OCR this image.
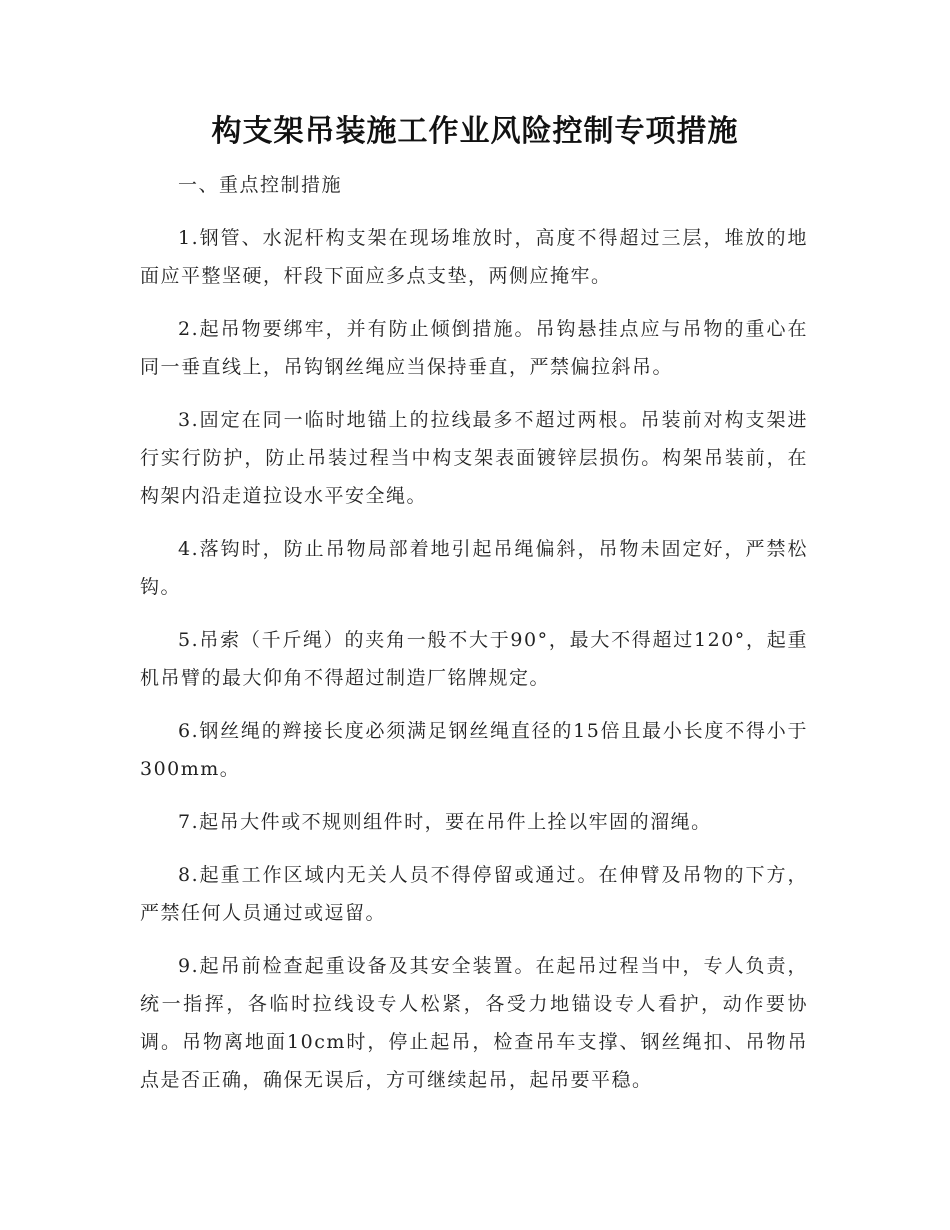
构支架吊装施工作业风险控制专项措施

一、重点控制措施

1.钢管、水泥杆构支架在现场堆放时，高度不得超过三层，堆放的地面应平整坚硬，杆段下面应多点支垫，两侧应掩牢。

2.起吊物要绑牢，并有防止倾倒措施。吊钩悬挂点应与吊物的重心在同一垂直线上，吊钩钢丝绳应当保持垂直，严禁偏拉斜吊。

3.固定在同一临时地锚上的拉线最多不超过两根。吊装前对构支架进行实行防护，防止吊装过程当中构支架表面镀锌层损伤。构架吊装前，在构架内沿走道拉设水平安全绳。

4.落钩时，防止吊物局部着地引起吊绳偏斜，吊物未固定好，严禁松钩。

5.吊索（千斤绳）的夹角一般不大于90°，最大不得超过120°，起重机吊臂的最大仰角不得超过制造厂铭牌规定。

6.钢丝绳的辫接长度必须满足钢丝绳直径的15倍且最小长度不得小于300mm。

7.起吊大件或不规则组件时，要在吊件上拴以牢固的溜绳。

8.起重工作区域内无关人员不得停留或通过。在伸臂及吊物的下方，严禁任何人员通过或逗留。

9.起吊前检查起重设备及其安全装置。在起吊过程当中，专人负责，统一指挥，各临时拉线设专人松紧，各受力地锚设专人看护，动作要协调。吊物离地面10cm时，停止起吊，检查吊车支撑、钢丝绳扣、吊物吊点是否正确，确保无误后，方可继续起吊，起吊要平稳。
